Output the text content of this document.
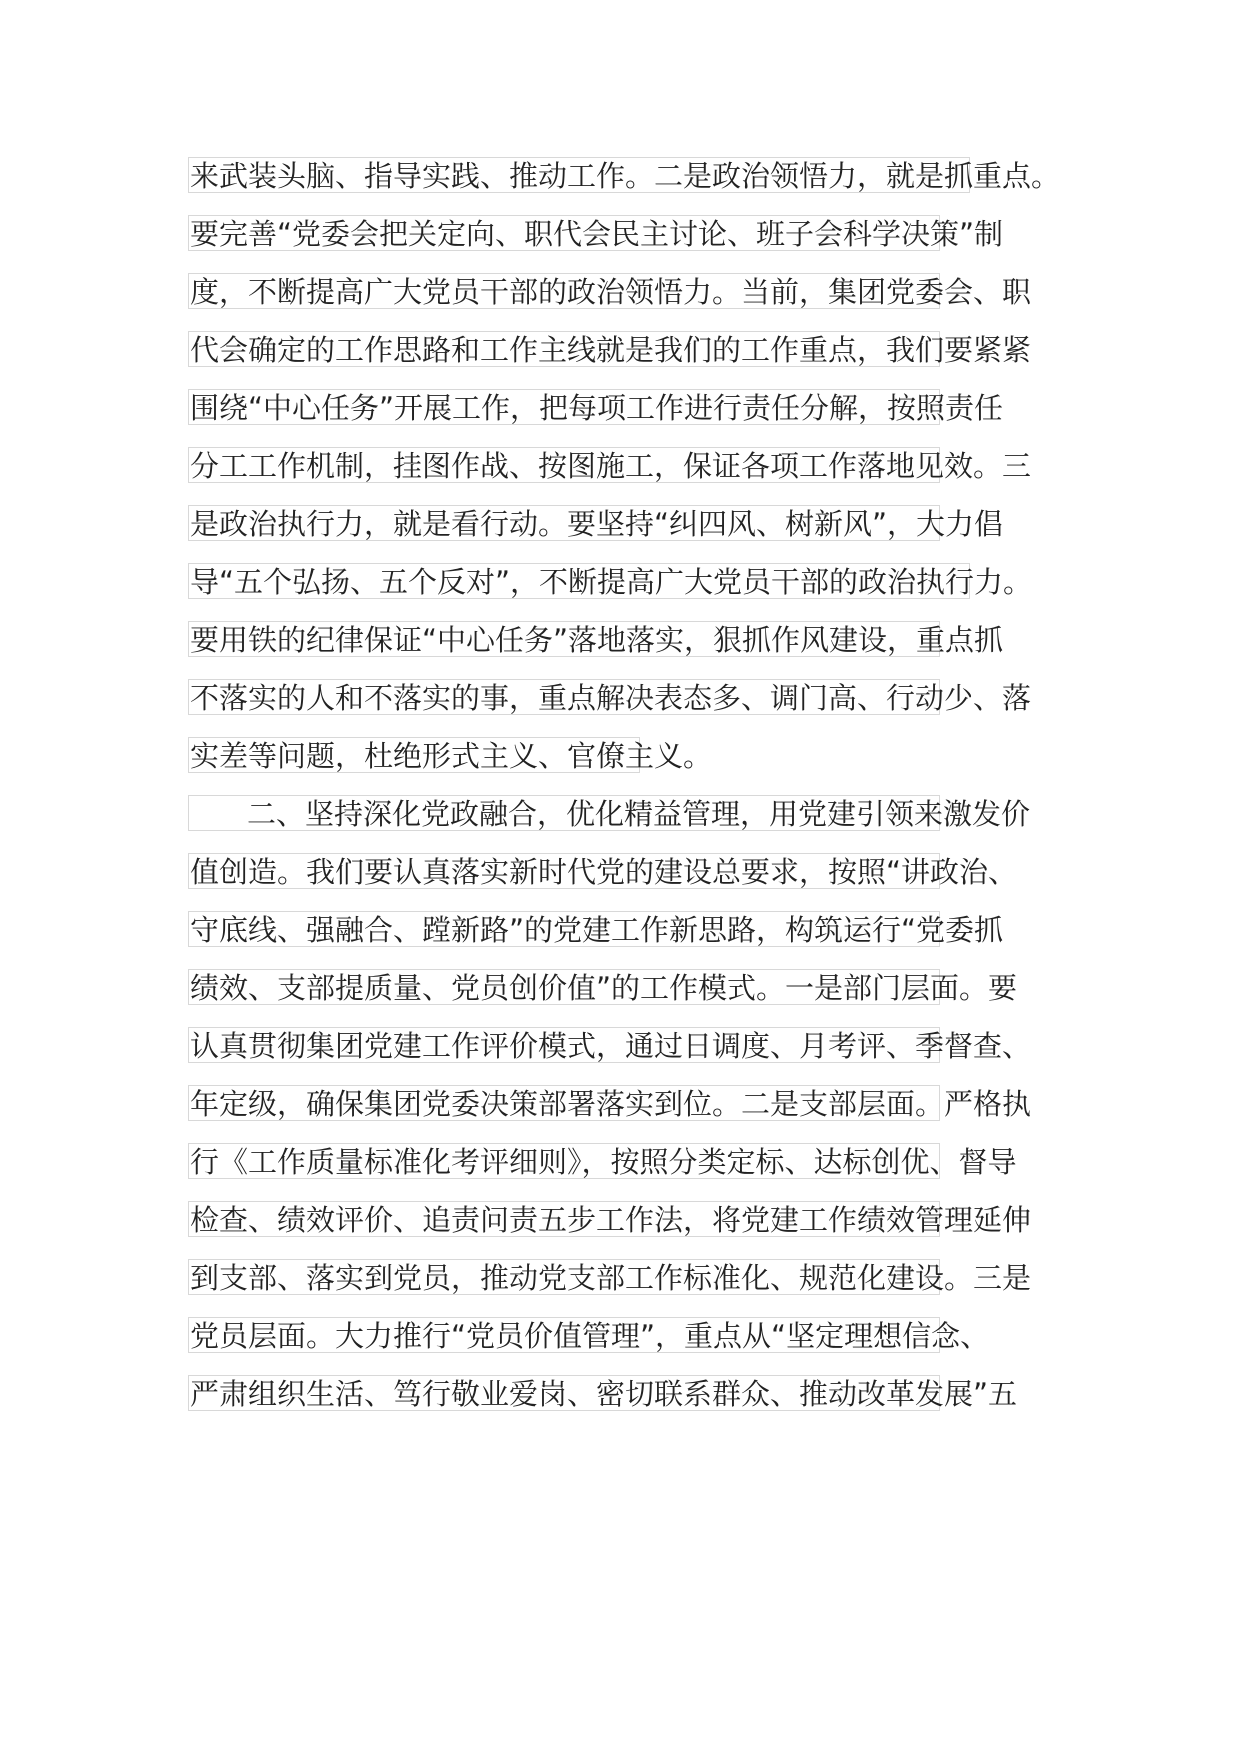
来武装头脑、指导实践、推动工作。二是政治领悟力，就是抓重点。
要完善“党委会把关定向、职代会民主讨论、班子会科学决策”制
度，不断提高广大党员干部的政治领悟力。当前，集团党委会、职
代会确定的工作思路和工作主线就是我们的工作重点，我们要紧紧
围绕“中心任务”开展工作，把每项工作进行责任分解，按照责任
分工工作机制，挂图作战、按图施工，保证各项工作落地见效。三
是政治执行力，就是看行动。要坚持“纠四风、树新风”，大力倡
导“五个弘扬、五个反对”，不断提高广大党员干部的政治执行力。
要用铁的纪律保证“中心任务”落地落实，狠抓作风建设，重点抓
不落实的人和不落实的事，重点解决表态多、调门高、行动少、落
实差等问题，杜绝形式主义、官僚主义。
二、坚持深化党政融合，优化精益管理，用党建引领来激发价
值创造。我们要认真落实新时代党的建设总要求，按照“讲政治、
守底线、强融合、蹚新路”的党建工作新思路，构筑运行“党委抓
绩效、支部提质量、党员创价值”的工作模式。一是部门层面。要
认真贯彻集团党建工作评价模式，通过日调度、月考评、季督查、
年定级，确保集团党委决策部署落实到位。二是支部层面。严格执
行《工作质量标准化考评细则》，按照分类定标、达标创优、督导
检查、绩效评价、追责问责五步工作法，将党建工作绩效管理延伸
到支部、落实到党员，推动党支部工作标准化、规范化建设。三是
党员层面。大力推行“党员价值管理”，重点从“坚定理想信念、
严肃组织生活、笃行敬业爱岗、密切联系群众、推动改革发展”五
